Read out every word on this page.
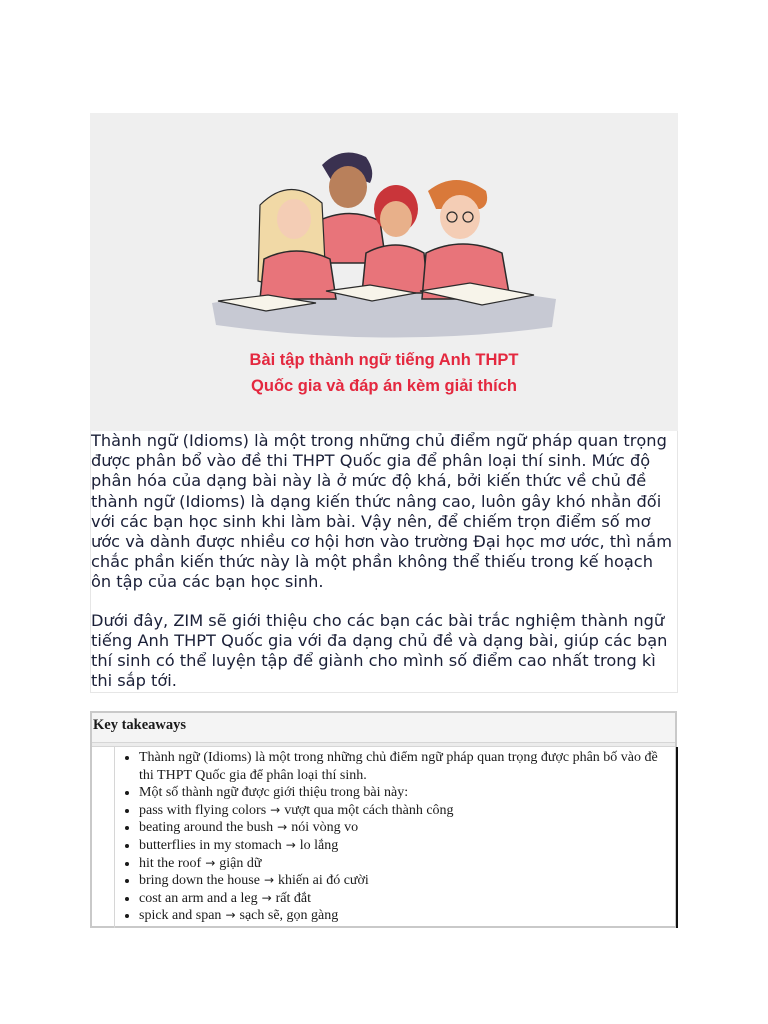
Bài tập thành ngữ tiếng Anh THPT

Quốc gia và đáp án kèm giải thích

Thành ngữ (Idioms) là một trong những chủ điểm ngữ pháp quan trọng được phân bổ vào đề thi THPT Quốc gia để phân loại thí sinh. Mức độ phân hóa của dạng bài này là ở mức độ khá, bởi kiến thức về chủ đề thành ngữ (Idioms) là dạng kiến thức nâng cao, luôn gây khó nhằn đối với các bạn học sinh khi làm bài. Vậy nên, để chiếm trọn điểm số mơ ước và dành được nhiều cơ hội hơn vào trường Đại học mơ ước, thì nắm chắc phần kiến thức này là một phần không thể thiếu trong kế hoạch ôn tập của các bạn học sinh.

Dưới đây, ZIM sẽ giới thiệu cho các bạn các bài trắc nghiệm thành ngữ tiếng Anh THPT Quốc gia với đa dạng chủ đề và dạng bài, giúp các bạn thí sinh có thể luyện tập để giành cho mình số điểm cao nhất trong kì thi sắp tới.

Key takeaways
• Thành ngữ (Idioms) là một trong những chủ điểm ngữ pháp quan trọng được phân bố vào đề thi THPT Quốc gia để phân loại thí sinh.
• Một số thành ngữ được giới thiệu trong bài này:
• pass with flying colors → vượt qua một cách thành công
• beating around the bush → nói vòng vo
• butterflies in my stomach → lo lắng
• hit the roof → giận dữ
• bring down the house → khiến ai đó cười
• cost an arm and a leg → rất đắt
• spick and span → sạch sẽ, gọn gàng
